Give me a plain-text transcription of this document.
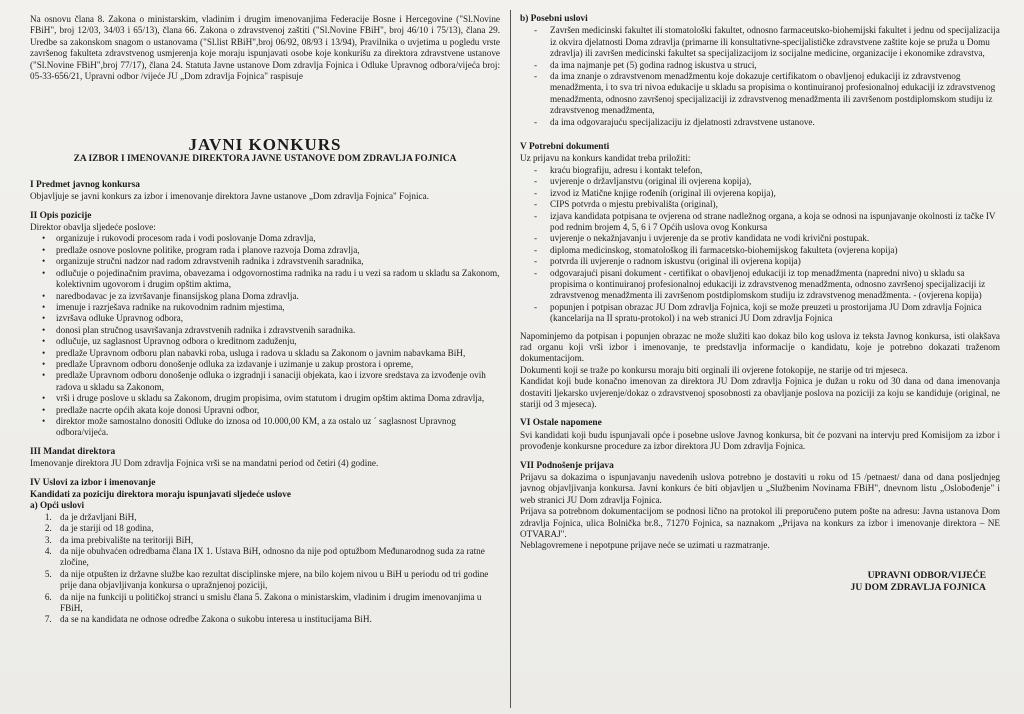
Na osnovu člana 8. Zakona o ministarskim, vladinim i drugim imenovanjima Federacije Bosne i Hercegovine ("Sl.Novine FBiH", broj 12/03, 34/03 i 65/13), člana 66. Zakona o zdravstvenoj zaštiti ("Sl.Novine FBiH", broj 46/10 i 75/13), člana 29. Uredbe sa zakonskom snagom o ustanovama ("Sl.list RBiH",broj 06/92, 08/93 i 13/94), Pravilnika o uvjetima u pogledu vrste završenog fakulteta zdravstvenog usmjerenja koje moraju ispunjavati osobe koje konkurišu za direktora zdravstvene ustanove ("Sl.Novine FBiH",broj 77/17), člana 24. Statuta Javne ustanove Dom zdravlja Fojnica i Odluke Upravnog odbora/vijeća broj: 05-33-656/21, Upravni odbor /vijeće JU „Dom zdravlja Fojnica" raspisuje

JAVNI KONKURS
ZA IZBOR I IMENOVANJE DIREKTORA JAVNE USTANOVE DOM ZDRAVLJA FOJNICA
I Predmet javnog konkursa

Objavljuje se javni konkurs za izbor i imenovanje direktora Javne ustanove „Dom zdravlja Fojnica" Fojnica.

II Opis pozicije

Direktor obavlja sljedeće poslove:

• organizuje i rukovodi procesom rada i vodi poslovanje Doma zdravlja,
• predlaže osnove poslovne politike, program rada i planove razvoja Doma zdravlja,
• organizuje stručni nadzor nad radom zdravstvenih radnika i zdravstvenih saradnika,
• odlučuje o pojedinačnim pravima, obavezama i odgovornostima radnika na radu i u vezi sa radom u skladu sa Zakonom, kolektivnim ugovorom i drugim opštim aktima,
• naredbodavac je za izvršavanje finansijskog plana Doma zdravlja.
• imenuje i razrješava radnike na rukovodnim radnim mjestima,
• izvršava odluke Upravnog odbora,
• donosi plan stručnog usavršavanja zdravstvenih radnika i zdravstvenih saradnika.
• odlučuje, uz saglasnost Upravnog odbora o kreditnom zaduženju,
• predlaže Upravnom odboru plan nabavki roba, usluga i radova u skladu sa Zakonom o javnim nabavkama BiH,
• predlaže Upravnom odboru donošenje odluka za izdavanje i uzimanje u zakup prostora i opreme,
• predlaže Upravnom odboru donošenje odluka o izgradnji i sanaciji objekata, kao i izvore sredstava za izvođenje ovih radova u skladu sa Zakonom,
• vrši i druge poslove u skladu sa Zakonom, drugim propisima, ovim statutom i drugim opštim aktima Doma zdravlja,
• predlaže nacrte općih akata koje donosi Upravni odbor,
• direktor može samostalno donositi Odluke do iznosa od 10.000,00 KM, a za ostalo uz ´ saglasnost Upravnog odbora/vijeća.
III Mandat direktora

Imenovanje direktora JU Dom zdravlja Fojnica vrši se na mandatni period od četiri (4) godine.

IV Uslovi za izbor i imenovanje

Kandidati za poziciju direktora moraju ispunjavati sljedeće uslove

a) Opći uslovi

1. da je državljani BiH,
2. da je stariji od 18 godina,
3. da ima prebivalište na teritoriji BiH,
4. da nije obuhvaćen odredbama člana IX 1. Ustava BiH, odnosno da nije pod optužbom Međunarodnog suda za ratne zločine,
5. da nije otpušten iz državne službe kao rezultat disciplinske mjere, na bilo kojem nivou u BiH u periodu od tri godine prije dana objavljivanja konkursa o upražnjenoj poziciji,
6. da nije na funkciji u političkoj stranci u smislu člana 5. Zakona o ministarskim, vladinim i drugim imenovanjima u FBiH,
7. da se na kandidata ne odnose odredbe Zakona o sukobu interesa u institucijama BiH.
b) Posebni uslovi
- Završen medicinski fakultet ili stomatološki fakultet, odnosno farmaceutsko-biohemijski fakultet i jednu od specijalizacija iz okvira djelatnosti Doma zdravlja (primarne ili konsultativne-specijalističke zdravstvene zaštite koje se pruža u Domu zdravlja) ili završen medicinski fakultet sa specijalizacijom iz socijalne medicine, organizacije i ekonomike zdravstva,
- da ima najmanje pet (5) godina radnog iskustva u struci,
- da ima znanje o zdravstvenom menadžmentu koje dokazuje certifikatom o obavljenoj edukaciji iz zdravstvenog menadžmenta, i to sva tri nivoa edukacije u skladu sa propisima o kontinuiranoj profesionalnoj edukaciji iz zdravstvenog menadžmenta, odnosno završenoj specijalizaciji iz zdravstvenog menadžmenta ili završenom postdiplomskom studiju iz zdravstvenog menadžmenta,
- da ima odgovarajuću specijalizaciju iz djelatnosti zdravstvene ustanove.
V Potrebni dokumenti

Uz prijavu na konkurs kandidat treba priložiti:

- kraću biografiju, adresu i kontakt telefon,
- uvjerenje o državljanstvu (original ili ovjerena kopija),
- izvod iz Matične knjige rođenih (original ili ovjerena kopija),
- CIPS potvrda o mjestu prebivališta (original),
- izjava kandidata potpisana te ovjerena od strane nadležnog organa, a koja se odnosi na ispunjavanje okolnosti iz tačke IV pod rednim brojem 4, 5, 6 i 7 Općih uslova ovog Konkursa
- uvjerenje o nekažnjavanju i uvjerenje da se protiv kandidata ne vodi krivični postupak.
- diploma medicinskog, stomatološkog ili farmacetsko-biohemijskog fakulteta (ovjerena kopija)
- potvrda ili uvjerenje o radnom iskustvu (original ili ovjerena kopija)
- odgovarajući pisani dokument - certifikat o obavljenoj edukaciji iz top menadžmenta (napredni nivo) u skladu sa propisima o kontinuiranoj profesionalnoj edukaciji iz zdravstvenog menadžmenta, odnosno završenoj specijalizaciji iz zdravstvenog menadžmenta ili završenom postdiplomskom studiju iz zdravstvenog menadžmenta. - (ovjerena kopija)
- popunjen i potpisan obrazac JU Dom zdravlja Fojnica, koji se može preuzeti u prostorijama JU Dom zdravlja Fojnica (kancelarija na II spratu-protokol) i na web stranici JU Dom zdravlja Fojnica

Napominjemo da potpisan i popunjen obrazac ne može služiti kao dokaz bilo kog uslova iz teksta Javnog konkursa, isti olakšava rad organu koji vrši izbor i imenovanje, te predstavlja informacije o kandidatu, koje je potrebno dokazati traženom dokumentacijom.

Dokumenti koji se traže po konkursu moraju biti orginali ili ovjerene fotokopije, ne starije od tri mjeseca.

Kandidat koji bude konačno imenovan za direktora JU Dom zdravlja Fojnica je dužan u roku od 30 dana od dana imenovanja dostaviti ljekarsko uvjerenje/dokaz o zdravstvenoj sposobnosti za obavljanje poslova na poziciji za koju se kandiduje (original, ne stariji od 3 mjeseca).

VI Ostale napomene

Svi kandidati koji budu ispunjavali opće i posebne uslove Javnog konkursa, bit će pozvani na intervju pred Komisijom za izbor i provođenje konkursne procedure za izbor direktora JU Dom zdravlja Fojnica.

VII Podnošenje prijava

Prijavu sa dokazima o ispunjavanju navedenih uslova potrebno je dostaviti u roku od 15 /petnaest/ dana od dana posljednjeg javnog objavljivanja konkursa. Javni konkurs će biti objavljen u „Službenim Novinama FBiH", dnevnom listu „Oslobođenje" i web stranici JU Dom zdravlja Fojnica.

Prijava sa potrebnom dokumentacijom se podnosi lično na protokol ili preporučeno putem pošte na adresu: Javna ustanova Dom zdravlja Fojnica, ulica Bolnička br.8., 71270 Fojnica, sa naznakom „Prijava na konkurs za izbor i imenovanje direktora – NE OTVARAJ".

Neblagovremene i nepotpune prijave neće se uzimati u razmatranje.

UPRAVNI ODBOR/VIJEĆE
JU DOM ZDRAVLJA FOJNICA
